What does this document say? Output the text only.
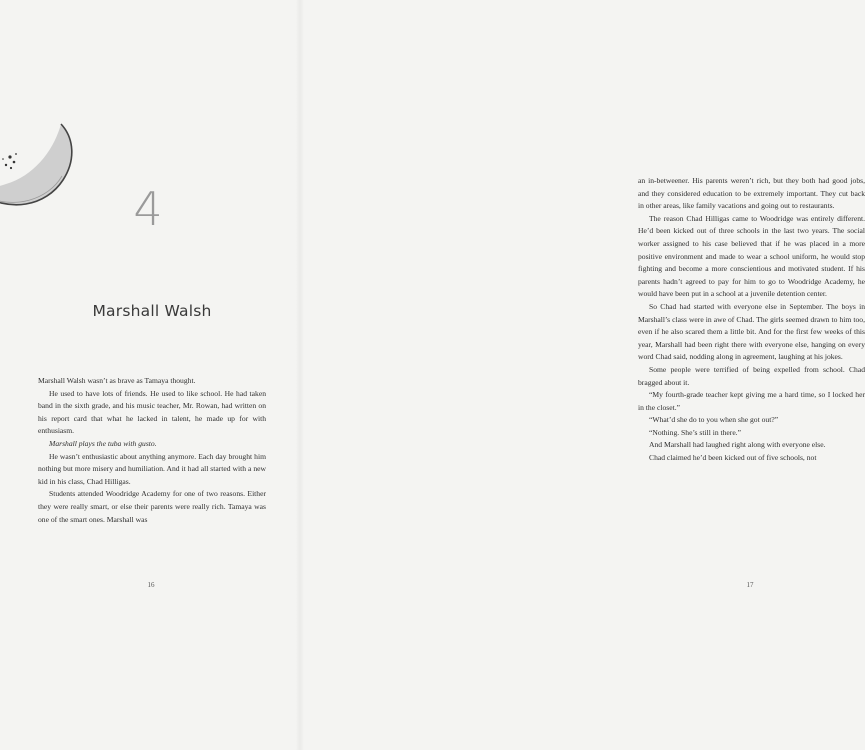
4
Marshall Walsh

Marshall Walsh wasn’t as brave as Tamaya thought.

He used to have lots of friends. He used to like school. He had taken band in the sixth grade, and his music teacher, Mr. Rowan, had written on his report card that what he lacked in talent, he made up for with enthusiasm.

Marshall plays the tuba with gusto.

He wasn’t enthusiastic about anything anymore. Each day brought him nothing but more misery and humiliation. And it had all started with a new kid in his class, Chad Hilligas.

Students attended Woodridge Academy for one of two reasons. Either they were really smart, or else their parents were really rich. Tamaya was one of the smart ones. Marshall was

16

an in-betweener. His parents weren’t rich, but they both had good jobs, and they considered education to be extremely important. They cut back in other areas, like family vacations and going out to restaurants.

The reason Chad Hilligas came to Woodridge was entirely different. He’d been kicked out of three schools in the last two years. The social worker assigned to his case believed that if he was placed in a more positive environment and made to wear a school uniform, he would stop fighting and become a more conscientious and motivated student. If his parents hadn’t agreed to pay for him to go to Woodridge Academy, he would have been put in a school at a juvenile detention center.

So Chad had started with everyone else in September. The boys in Marshall’s class were in awe of Chad. The girls seemed drawn to him too, even if he also scared them a little bit. And for the first few weeks of this year, Marshall had been right there with everyone else, hanging on every word Chad said, nodding along in agreement, laughing at his jokes.

Some people were terrified of being expelled from school. Chad bragged about it.

“My fourth-grade teacher kept giving me a hard time, so I locked her in the closet.”

“What’d she do to you when she got out?”

“Nothing. She’s still in there.”

And Marshall had laughed right along with everyone else.

Chad claimed he’d been kicked out of five schools, not

17
